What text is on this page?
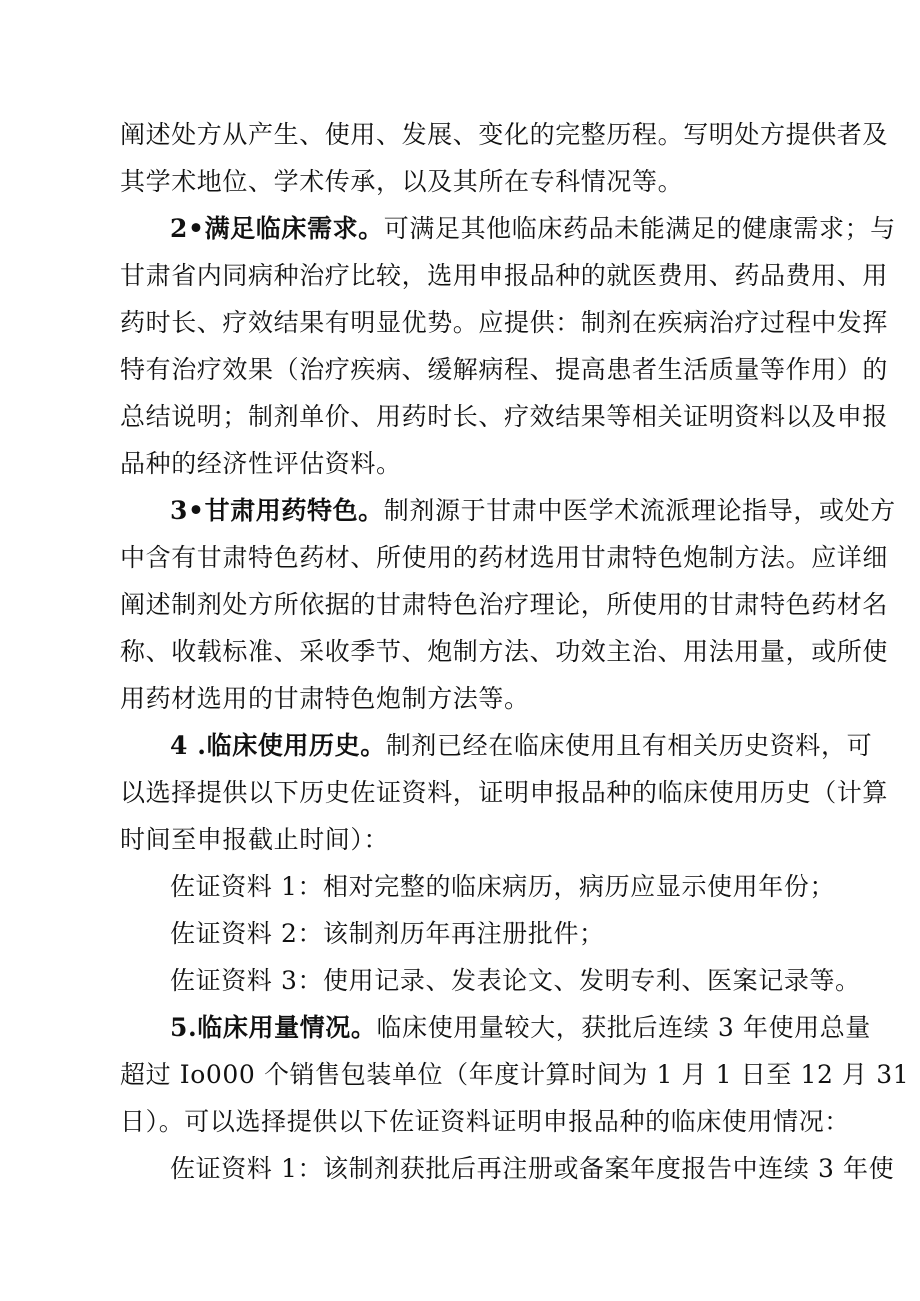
阐述处方从产生、使用、发展、变化的完整历程。写明处方提供者及
其学术地位、学术传承，以及其所在专科情况等。
2•满足临床需求。可满足其他临床药品未能满足的健康需求；与
甘肃省内同病种治疗比较，选用申报品种的就医费用、药品费用、用
药时长、疗效结果有明显优势。应提供：制剂在疾病治疗过程中发挥
特有治疗效果（治疗疾病、缓解病程、提高患者生活质量等作用）的
总结说明；制剂单价、用药时长、疗效结果等相关证明资料以及申报
品种的经济性评估资料。
3•甘肃用药特色。制剂源于甘肃中医学术流派理论指导，或处方
中含有甘肃特色药材、所使用的药材选用甘肃特色炮制方法。应详细
阐述制剂处方所依据的甘肃特色治疗理论，所使用的甘肃特色药材名
称、收载标准、采收季节、炮制方法、功效主治、用法用量，或所使
用药材选用的甘肃特色炮制方法等。
4 .临床使用历史。制剂已经在临床使用且有相关历史资料，可
以选择提供以下历史佐证资料，证明申报品种的临床使用历史（计算
时间至申报截止时间）：
佐证资料 1：相对完整的临床病历，病历应显示使用年份；
佐证资料 2：该制剂历年再注册批件；
佐证资料 3：使用记录、发表论文、发明专利、医案记录等。
5.临床用量情况。临床使用量较大，获批后连续 3 年使用总量
超过 Io000 个销售包装单位（年度计算时间为 1 月 1 日至 12 月 31
日）。可以选择提供以下佐证资料证明申报品种的临床使用情况：
佐证资料 1：该制剂获批后再注册或备案年度报告中连续 3 年使
